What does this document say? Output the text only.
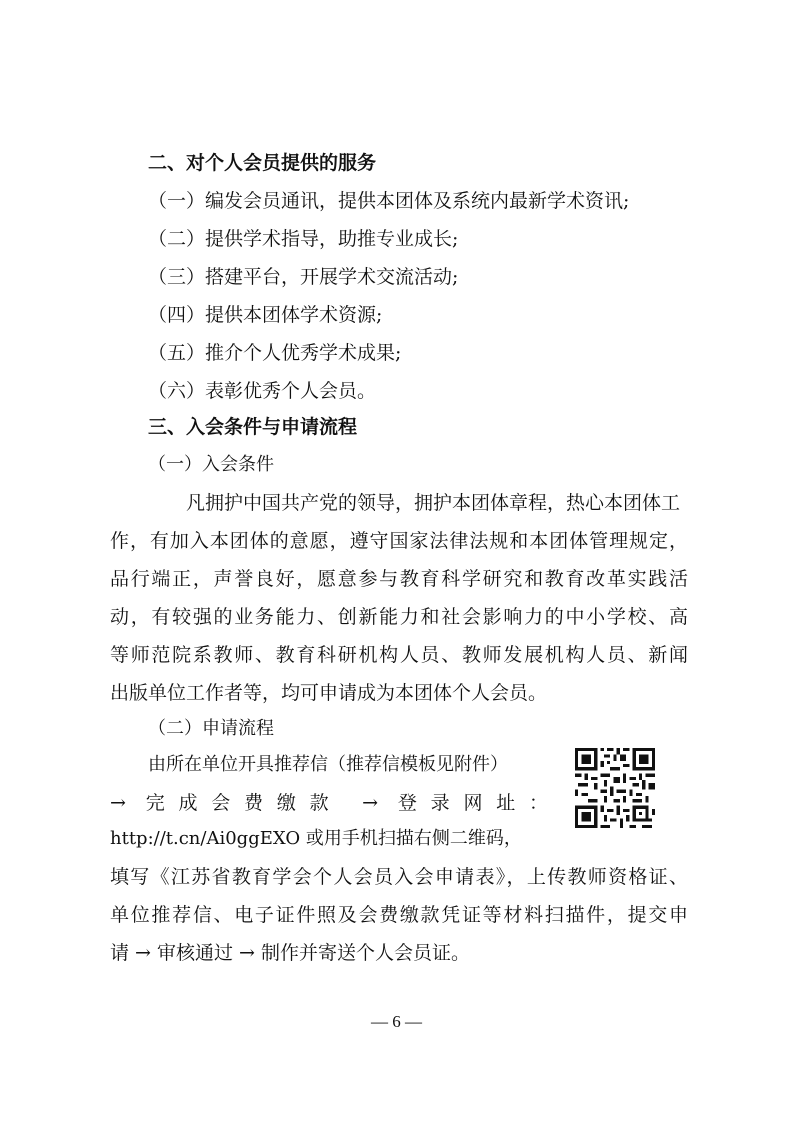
二、对个人会员提供的服务
（一）编发会员通讯，提供本团体及系统内最新学术资讯;
（二）提供学术指导，助推专业成长;
（三）搭建平台，开展学术交流活动;
（四）提供本团体学术资源;
（五）推介个人优秀学术成果;
（六）表彰优秀个人会员。
三、入会条件与申请流程
（一）入会条件
凡拥护中国共产党的领导，拥护本团体章程，热心本团体工
作，有加入本团体的意愿，遵守国家法律法规和本团体管理规定，
品行端正，声誉良好，愿意参与教育科学研究和教育改革实践活
动，有较强的业务能力、创新能力和社会影响力的中小学校、高
等师范院系教师、教育科研机构人员、教师发展机构人员、新闻
出版单位工作者等，均可申请成为本团体个人会员。
（二）申请流程
由所在单位开具推荐信（推荐信模板见附件）
→ 完成会费缴款 → 登录网址：
http://t.cn/Ai0ggEXO 或用手机扫描右侧二维码，
填写《江苏省教育学会个人会员入会申请表》，上传教师资格证、
单位推荐信、电子证件照及会费缴款凭证等材料扫描件，提交申
请 → 审核通过 → 制作并寄送个人会员证。
— 6 —
